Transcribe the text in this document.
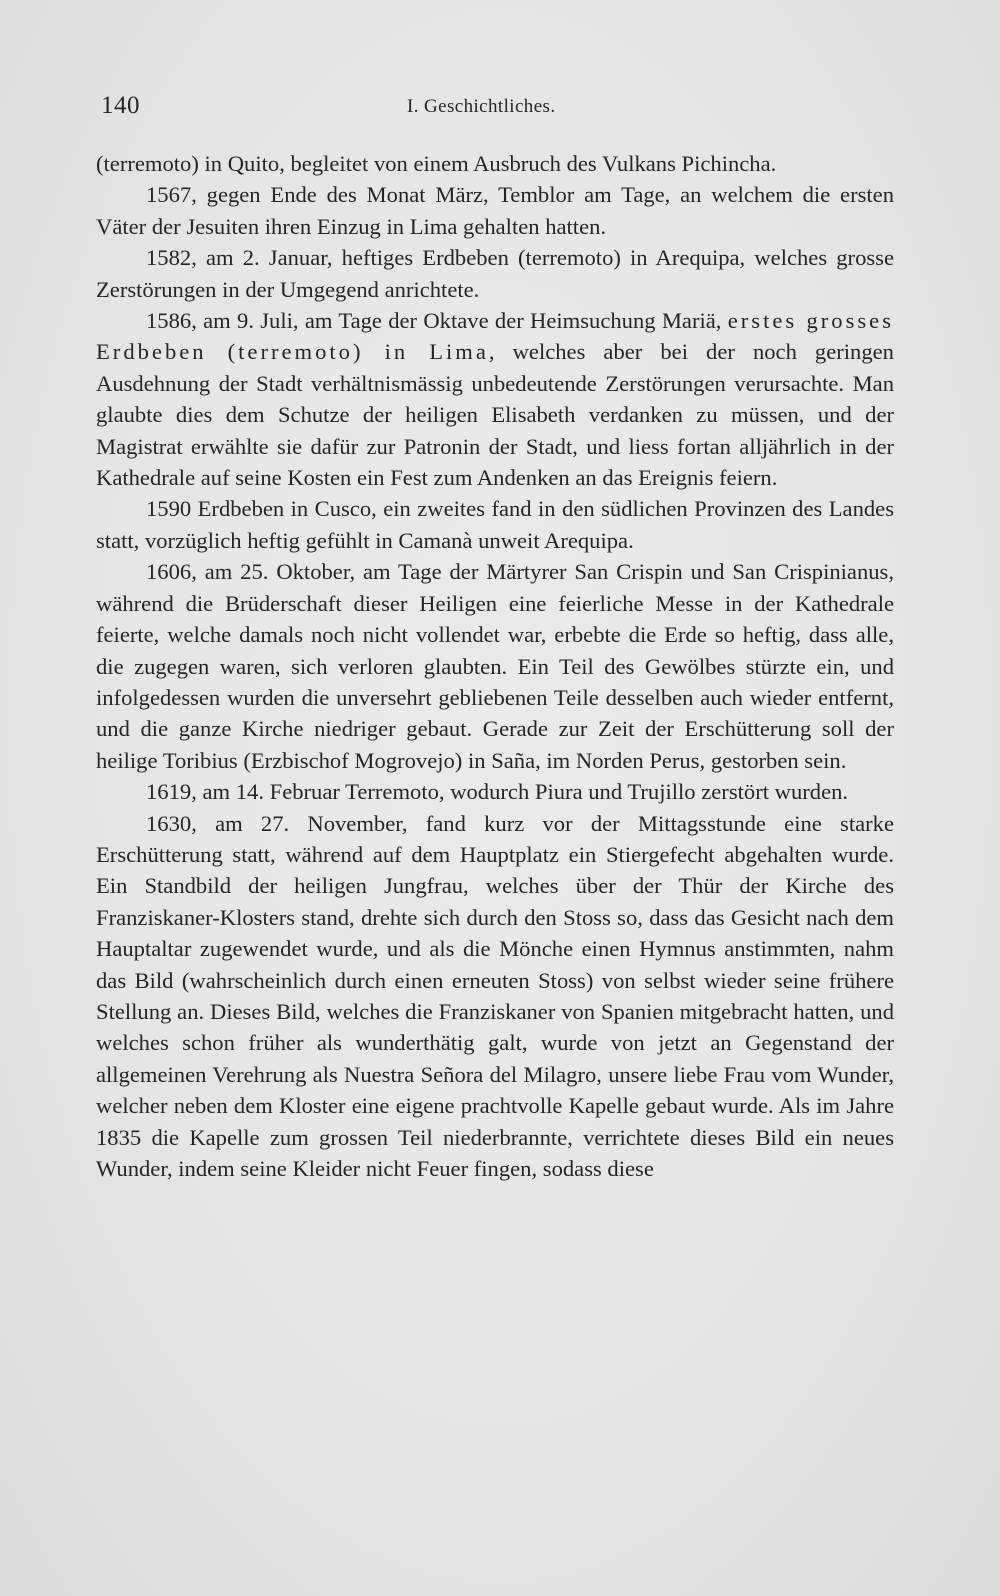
140	I. Geschichtliches.

(terremoto) in Quito, begleitet von einem Ausbruch des Vulkans Pichincha.

1567, gegen Ende des Monat März, Temblor am Tage, an welchem die ersten Väter der Jesuiten ihren Einzug in Lima gehalten hatten.

1582, am 2. Januar, heftiges Erdbeben (terremoto) in Arequipa, welches grosse Zerstörungen in der Umgegend anrichtete.

1586, am 9. Juli, am Tage der Oktave der Heimsuchung Mariä, erstes grosses Erdbeben (terremoto) in Lima, welches aber bei der noch geringen Ausdehnung der Stadt verhältnismässig unbedeutende Zerstörungen verursachte. Man glaubte dies dem Schutze der heiligen Elisabeth verdanken zu müssen, und der Magistrat erwählte sie dafür zur Patronin der Stadt, und liess fortan alljährlich in der Kathedrale auf seine Kosten ein Fest zum Andenken an das Ereignis feiern.

1590 Erdbeben in Cusco, ein zweites fand in den südlichen Provinzen des Landes statt, vorzüglich heftig gefühlt in Camanà unweit Arequipa.

1606, am 25. Oktober, am Tage der Märtyrer San Crispin und San Crispinianus, während die Brüderschaft dieser Heiligen eine feierliche Messe in der Kathedrale feierte, welche damals noch nicht vollendet war, erbebte die Erde so heftig, dass alle, die zugegen waren, sich verloren glaubten. Ein Teil des Gewölbes stürzte ein, und infolgedessen wurden die unversehrt gebliebenen Teile desselben auch wieder entfernt, und die ganze Kirche niedriger gebaut. Gerade zur Zeit der Erschütterung soll der heilige Toribius (Erzbischof Mogrovejo) in Saña, im Norden Perus, gestorben sein.

1619, am 14. Februar Terremoto, wodurch Piura und Trujillo zerstört wurden.

1630, am 27. November, fand kurz vor der Mittagsstunde eine starke Erschütterung statt, während auf dem Hauptplatz ein Stiergefecht abgehalten wurde. Ein Standbild der heiligen Jungfrau, welches über der Thür der Kirche des Franziskaner-Klosters stand, drehte sich durch den Stoss so, dass das Gesicht nach dem Hauptaltar zugewendet wurde, und als die Mönche einen Hymnus anstimmten, nahm das Bild (wahrscheinlich durch einen erneuten Stoss) von selbst wieder seine frühere Stellung an. Dieses Bild, welches die Franziskaner von Spanien mitgebracht hatten, und welches schon früher als wunderthätig galt, wurde von jetzt an Gegenstand der allgemeinen Verehrung als Nuestra Señora del Milagro, unsere liebe Frau vom Wunder, welcher neben dem Kloster eine eigene prachtvolle Kapelle gebaut wurde. Als im Jahre 1835 die Kapelle zum grossen Teil niederbrannte, verrichtete dieses Bild ein neues Wunder, indem seine Kleider nicht Feuer fingen, sodass diese
